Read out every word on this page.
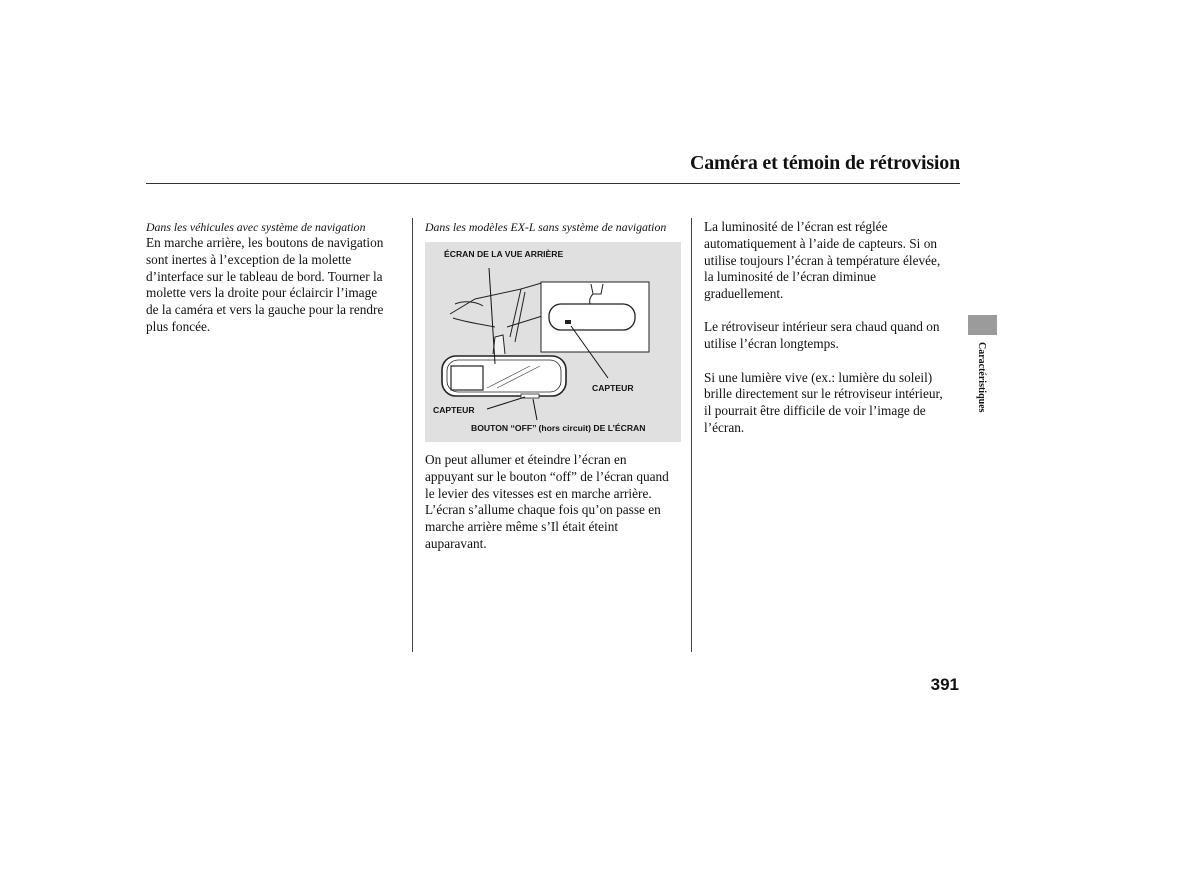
Caméra et témoin de rétrovision

Dans les véhicules avec système de navigation

En marche arrière, les boutons de navigation

sont inertes à l’exception de la molette

d’interface sur le tableau de bord. Tourner la

molette vers la droite pour éclaircir l’image

de la caméra et vers la gauche pour la rendre

plus foncée.

Dans les modèles EX-L sans système de navigation

ÉCRAN DE LA VUE ARRIÈRE
CAPTEUR
CAPTEUR
BOUTON ‘‘OFF’’ (hors circuit) DE L’ÉCRAN

On peut allumer et éteindre l’écran en

appuyant sur le bouton “off” de l’écran quand

le levier des vitesses est en marche arrière.

L’écran s’allume chaque fois qu’on passe en

marche arrière même s’Il était éteint

auparavant.

La luminosité de l’écran est réglée

automatiquement à l’aide de capteurs. Si on

utilise toujours l’écran à température élevée,

la luminosité de l’écran diminue

graduellement.

Le rétroviseur intérieur sera chaud quand on

utilise l’écran longtemps.

Si une lumière vive (ex.: lumière du soleil)

brille directement sur le rétroviseur intérieur,

il pourrait être difficile de voir l’image de

l’écran.

Caractéristiques
391
